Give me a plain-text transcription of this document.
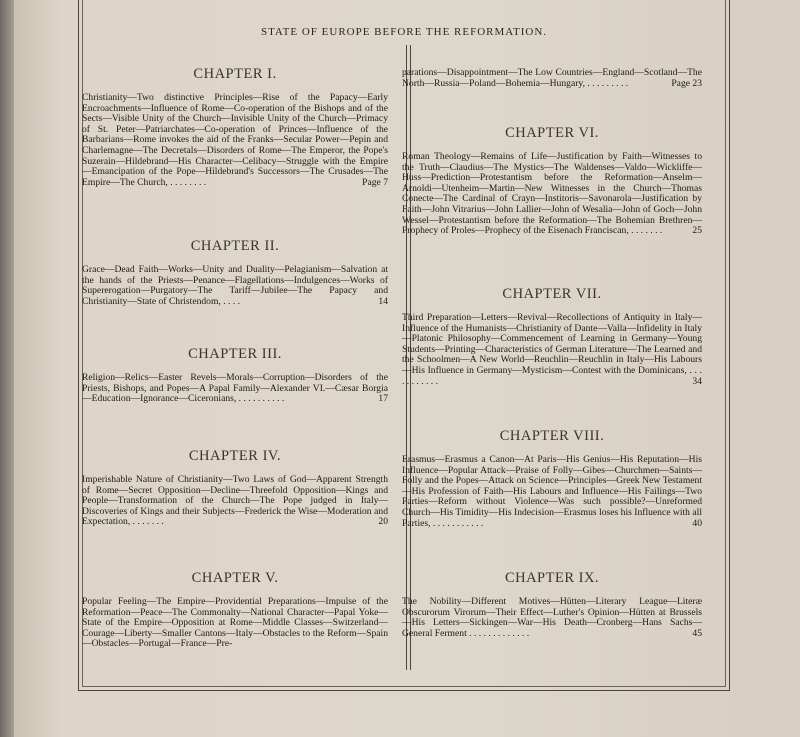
STATE OF EUROPE BEFORE THE REFORMATION.
CHAPTER I.

Christianity—Two distinctive Principles—Rise of the Papacy—Early Encroachments—Influence of Rome—Co-operation of the Bishops and of the Sects—Visible Unity of the Church—Invisible Unity of the Church—Primacy of St. Peter—Patriarchates—Co-operation of Princes—Influence of the Barbarians—Rome invokes the aid of the Franks—Secular Power—Pepin and Charlemagne—The Decretals—Disorders of Rome—The Emperor, the Pope's Suzerain—Hildebrand—His Character—Celibacy—Struggle with the Empire—Emancipation of the Pope—Hildebrand's Successors—The Crusades—The Empire—The Church, . . . . . . . .	Page 7

CHAPTER II.

Grace—Dead Faith—Works—Unity and Duality—Pelagianism—Salvation at the hands of the Priests—Penance—Flagellations—Indulgences—Works of Supererogation—Purgatory—The Tariff—Jubilee—The Papacy and Christianity—State of Christendom, . . . .	14

CHAPTER III.

Religion—Relics—Easter Revels—Morals—Corruption—Disorders of the Priests, Bishops, and Popes—A Papal Family—Alexander VI.—Cæsar Borgia—Education—Ignorance—Ciceronians, . . . . . . . . . .	17

CHAPTER IV.

Imperishable Nature of Christianity—Two Laws of God—Apparent Strength of Rome—Secret Opposition—Decline—Threefold Opposition—Kings and People—Transformation of the Church—The Pope judged in Italy—Discoveries of Kings and their Subjects—Frederick the Wise—Moderation and Expectation, . . . . . . .	20

CHAPTER V.

Popular Feeling—The Empire—Providential Preparations—Impulse of the Reformation—Peace—The Commonalty—National Character—Papal Yoke—State of the Empire—Opposition at Rome—Middle Classes—Switzerland—Courage—Liberty—Smaller Cantons—Italy—Obstacles to the Reform—Spain—Obstacles—Portugal—France—Pre-

parations—Disappointment—The Low Countries—England—Scotland—The North—Russia—Poland—Bohemia—Hungary, . . . . . . . . .	Page 23

CHAPTER VI.

Roman Theology—Remains of Life—Justification by Faith—Witnesses to the Truth—Claudius—The Mystics—The Waldenses—Valdo—Wickliffe—Huss—Prediction—Protestantism before the Reformation—Anselm—Arnoldi—Utenheim—Martin—New Witnesses in the Church—Thomas Conecte—The Cardinal of Crayn—Institoris—Savonarola—Justification by Faith—John Vitrarius—John Lallier—John of Wesalia—John of Goch—John Wessel—Protestantism before the Reformation—The Bohemian Brethren—Prophecy of Proles—Prophecy of the Eisenach Franciscan, . . . . . . .	25

CHAPTER VII.

Third Preparation—Letters—Revival—Recollections of Antiquity in Italy—Influence of the Humanists—Christianity of Dante—Valla—Infidelity in Italy—Platonic Philosophy—Commencement of Learning in Germany—Young Students—Printing—Characteristics of German Literature—The Learned and the Schoolmen—A New World—Reuchlin—Reuchlin in Italy—His Labours—His Influence in Germany—Mysticism—Contest with the Dominicans, . . . . . . . . . . .	34

CHAPTER VIII.

Erasmus—Erasmus a Canon—At Paris—His Genius—His Reputation—His Influence—Popular Attack—Praise of Folly—Gibes—Churchmen—Saints—Folly and the Popes—Attack on Science—Principles—Greek New Testament—His Profession of Faith—His Labours and Influence—His Failings—Two Parties—Reform without Violence—Was such possible?—Unreformed Church—His Timidity—His Indecision—Erasmus loses his Influence with all Parties, . . . . . . . . . . .	40

CHAPTER IX.

The Nobility—Different Motives—Hütten—Literary League—Literæ Obscurorum Virorum—Their Effect—Luther's Opinion—Hütten at Brussels—His Letters—Sickingen—War—His Death—Cronberg—Hans Sachs—General Ferment . . . . . . . . . . . . .	45
